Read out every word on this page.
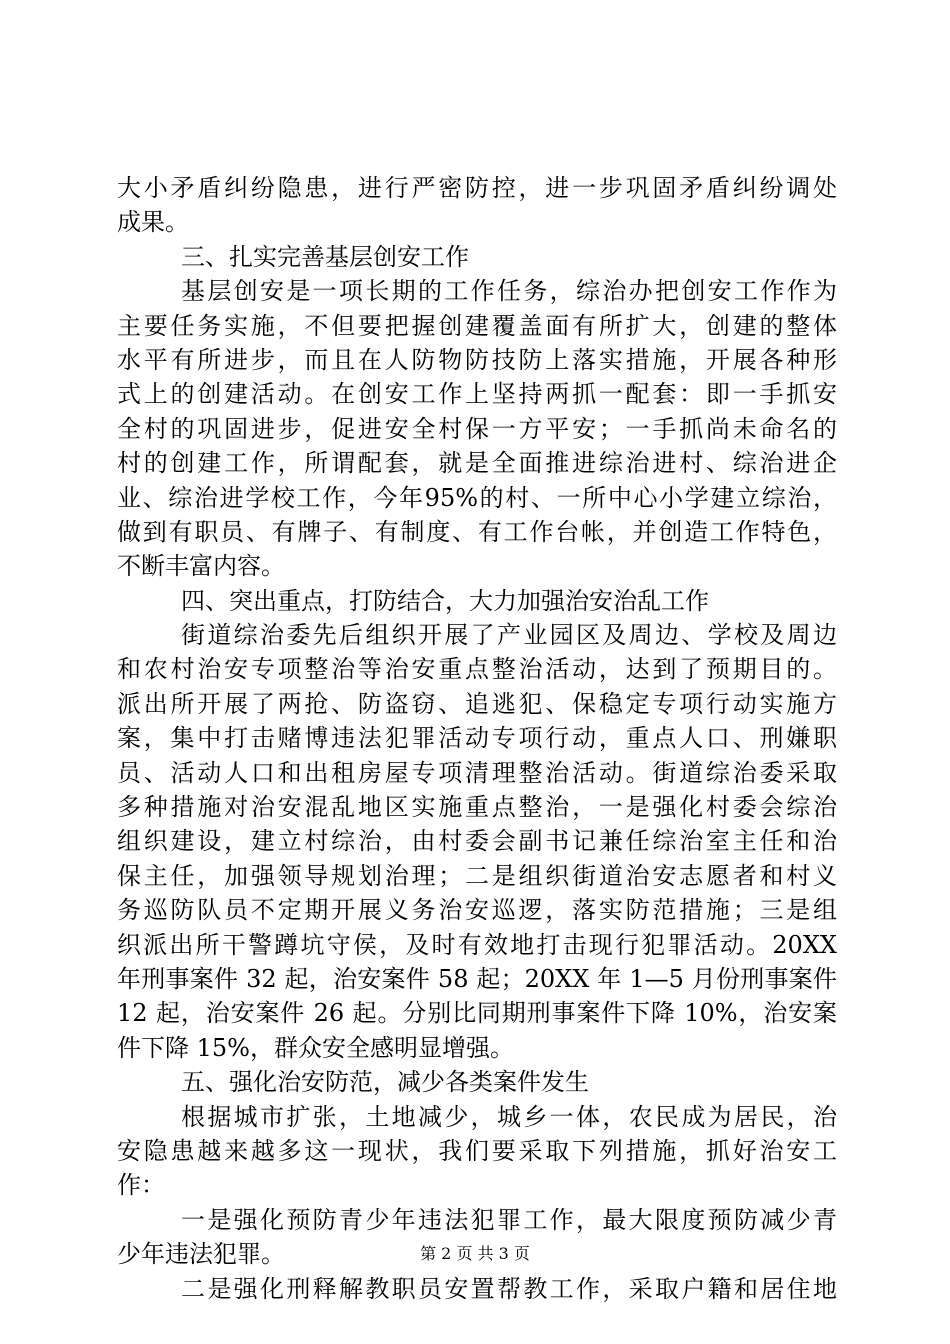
大小矛盾纠纷隐患，进行严密防控，进一步巩固矛盾纠纷调处
成果。
三、扎实完善基层创安工作
基层创安是一项长期的工作任务，综治办把创安工作作为
主要任务实施，不但要把握创建覆盖面有所扩大，创建的整体
水平有所进步，而且在人防物防技防上落实措施，开展各种形
式上的创建活动。在创安工作上坚持两抓一配套：即一手抓安
全村的巩固进步，促进安全村保一方平安；一手抓尚未命名的
村的创建工作，所谓配套，就是全面推进综治进村、综治进企
业、综治进学校工作，今年95%的村、一所中心小学建立综治，
做到有职员、有牌子、有制度、有工作台帐，并创造工作特色，
不断丰富内容。
四、突出重点，打防结合，大力加强治安治乱工作
街道综治委先后组织开展了产业园区及周边、学校及周边
和农村治安专项整治等治安重点整治活动，达到了预期目的。
派出所开展了两抢、防盗窃、追逃犯、保稳定专项行动实施方
案，集中打击赌博违法犯罪活动专项行动，重点人口、刑嫌职
员、活动人口和出租房屋专项清理整治活动。街道综治委采取
多种措施对治安混乱地区实施重点整治，一是强化村委会综治
组织建设，建立村综治，由村委会副书记兼任综治室主任和治
保主任，加强领导规划治理；二是组织街道治安志愿者和村义
务巡防队员不定期开展义务治安巡逻，落实防范措施；三是组
织派出所干警蹲坑守侯，及时有效地打击现行犯罪活动。20XX
年刑事案件 32 起，治安案件 58 起；20XX 年 1—5 月份刑事案件
12 起，治安案件 26 起。分别比同期刑事案件下降 10%，治安案
件下降 15%，群众安全感明显增强。
五、强化治安防范，减少各类案件发生
根据城市扩张，土地减少，城乡一体，农民成为居民，治
安隐患越来越多这一现状，我们要采取下列措施，抓好治安工
作：
一是强化预防青少年违法犯罪工作，最大限度预防减少青
少年违法犯罪。
二是强化刑释解教职员安置帮教工作，采取户籍和居住地
第 2 页 共 3 页
